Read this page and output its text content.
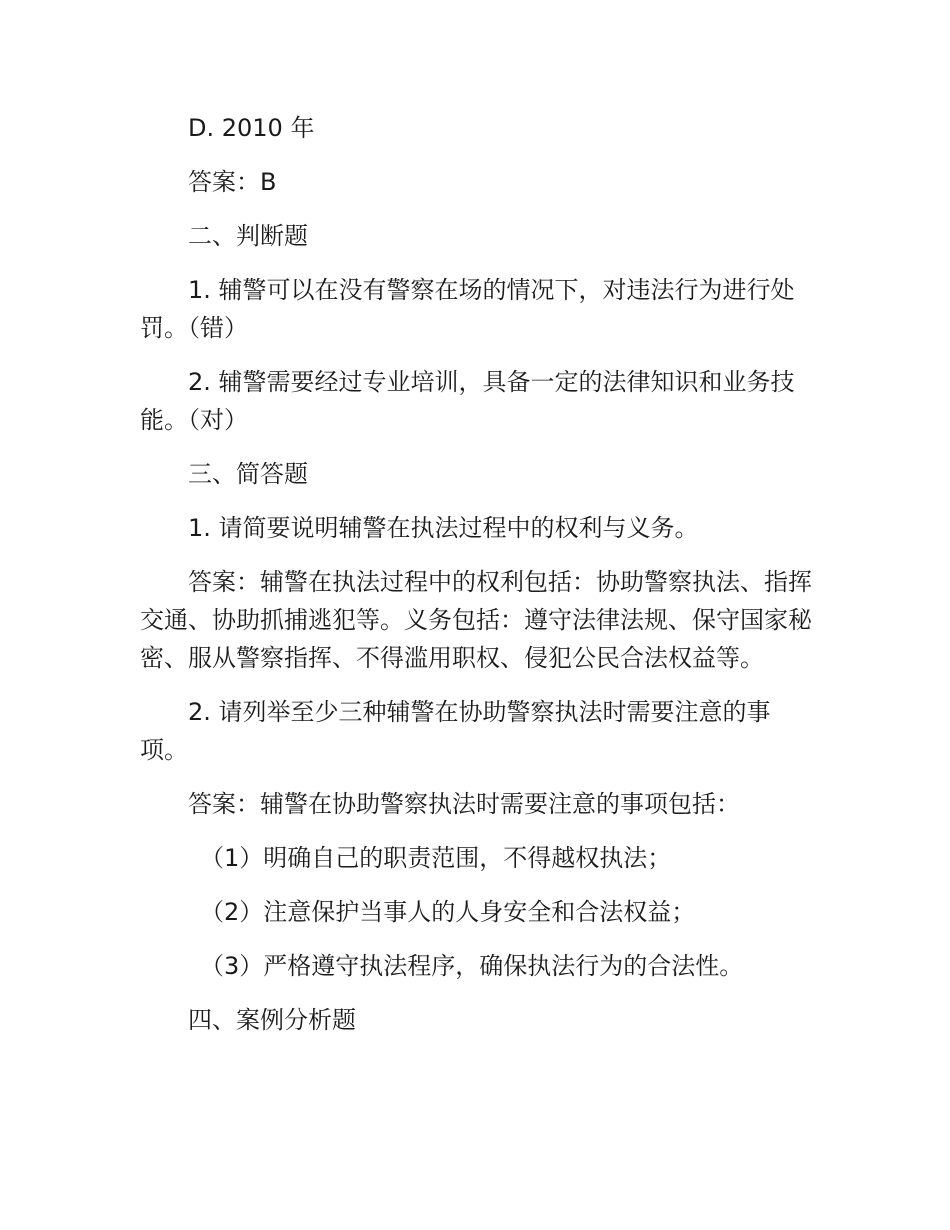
D. 2010 年

答案：B

二、判断题

1. 辅警可以在没有警察在场的情况下，对违法行为进行处罚。（错）

2. 辅警需要经过专业培训，具备一定的法律知识和业务技能。（对）

三、简答题

1. 请简要说明辅警在执法过程中的权利与义务。

答案：辅警在执法过程中的权利包括：协助警察执法、指挥交通、协助抓捕逃犯等。义务包括：遵守法律法规、保守国家秘密、服从警察指挥、不得滥用职权、侵犯公民合法权益等。

2. 请列举至少三种辅警在协助警察执法时需要注意的事项。

答案：辅警在协助警察执法时需要注意的事项包括：

（1）明确自己的职责范围，不得越权执法；

（2）注意保护当事人的人身安全和合法权益；

（3）严格遵守执法程序，确保执法行为的合法性。

四、案例分析题
